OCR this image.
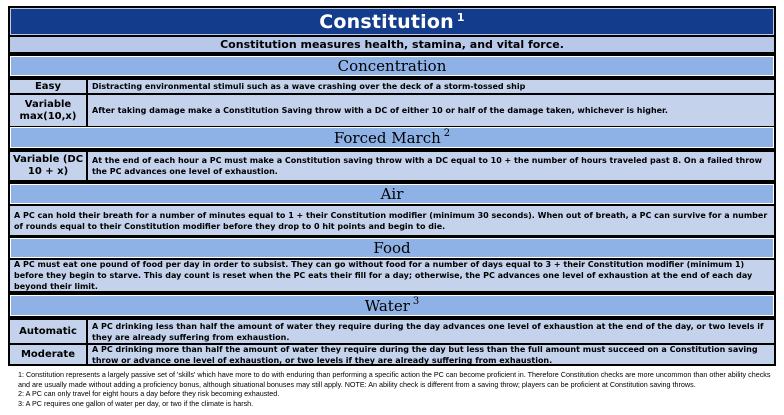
Constitution $^1$
Constitution measures health, stamina, and vital force.
Concentration
Easy	Distracting environmental stimuli such as a wave crashing over the deck of a storm-tossed ship
Variable max(10,x)	After taking damage make a Constitution Saving throw with a DC of either 10 or half of the damage taken, whichever is higher.
Forced March $^2$
Variable (DC 10 + x)
At the end of each hour a PC must make a Constitution saving throw with a DC equal to 10 + the number of hours traveled past 8. On a failed throw the PC advances one level of exhaustion.
Air
A PC can hold their breath for a number of minutes equal to 1 + their Constitution modifier (minimum 30 seconds). When out of breath, a PC can survive for a number of rounds equal to their Constitution modifier before they drop to 0 hit points and begin to die.
Food
A PC must eat one pound of food per day in order to subsist. They can go without food for a number of days equal to 3 + their Constitution modifier (minimum 1) before they begin to starve. This day count is reset when the PC eats their fill for a day; otherwise, the PC advances one level of exhaustion at the end of each day beyond their limit.
Water $^3$
Automatic A PC drinking less than half the amount of water they require during the day advances one level of exhaustion at the end of the day, or two levels if they are already suffering from exhaustion.
Moderate A PC drinking more than half the amount of water they require during the day but less than the full amount must succeed on a Constitution saving throw or advance one level of exhaustion, or two levels if they are already suffering from exhaustion.
1: Constitution represents a largely passive set of 'skills' which have more to do with enduring than performing a specific action the PC can become proficient in. Therefore Constitution checks are more uncommon than other ability checks and are usually made without adding a proficiency bonus, although situational bonuses may still apply. NOTE: An ability check is different from a saving throw; players can be proficient at Constitution saving throws.
2: A PC can only travel for eight hours a day before they risk becoming exhausted.
3: A PC requires one gallon of water per day, or two if the climate is harsh.
